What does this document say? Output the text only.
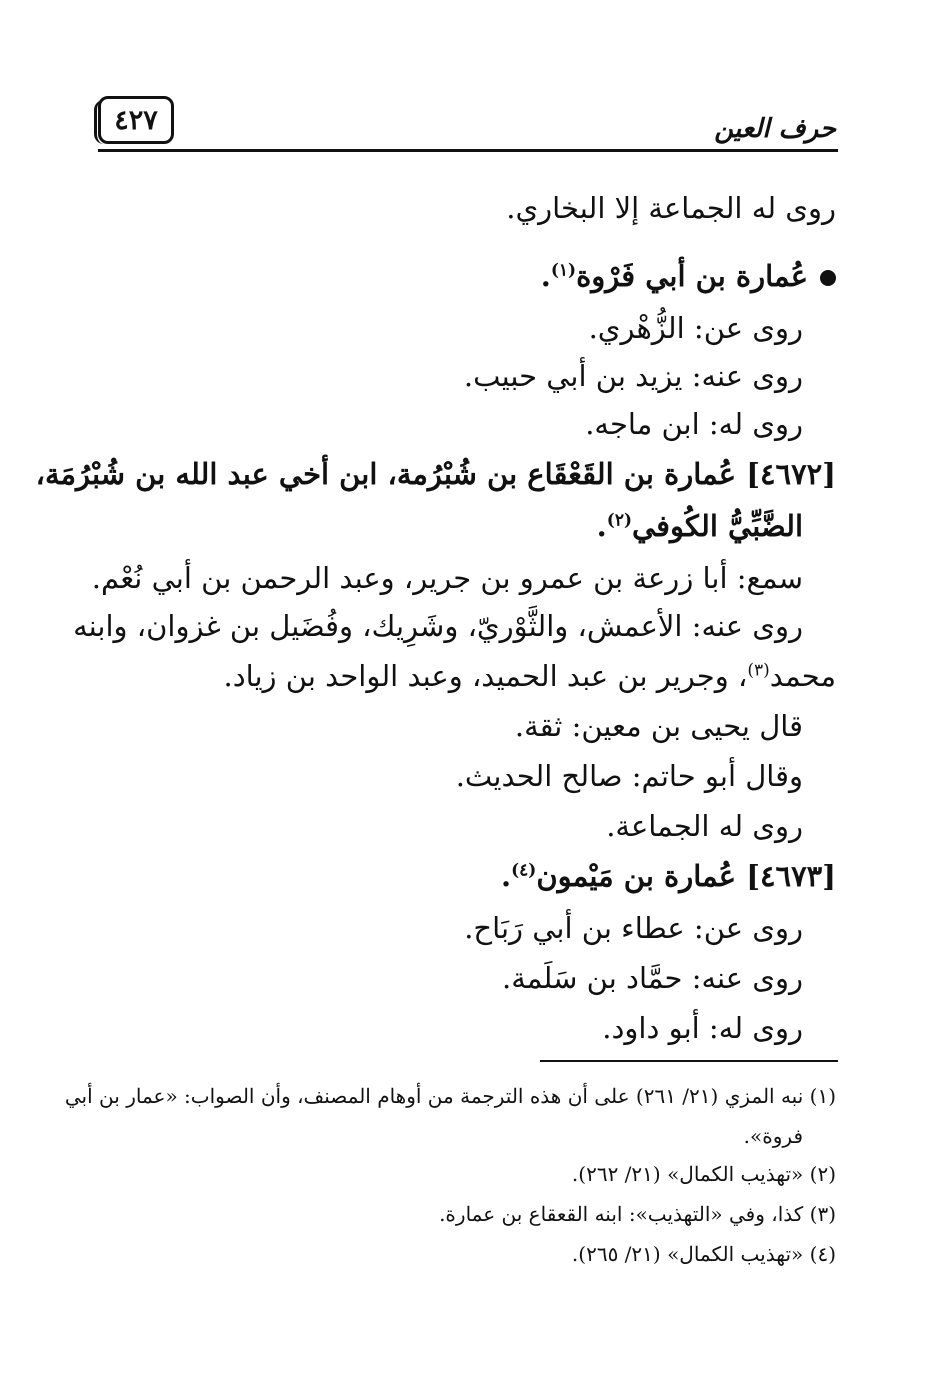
٤٢٧	حرف العين
روى له الجماعة إلا البخاري.
عُمارة بن أبي فَرْوة$^{(١)}$.
روى عن: الزُّهْري.
روى عنه: يزيد بن أبي حبيب.
روى له: ابن ماجه.
[٤٦٧٢] عُمارة بن القَعْقَاع بن شُبْرُمة، ابن أخي عبد الله بن شُبْرُمَة،
الضَّبِّيُّ الكُوفي$^{(٢)}$.
سمع: أبا زرعة بن عمرو بن جرير، وعبد الرحمن بن أبي نُعْم.
روى عنه: الأعمش، والثَّوْريّ، وشَرِيك، وفُضَيل بن غزوان، وابنه
محمد$^{(٣)}$، وجرير بن عبد الحميد، وعبد الواحد بن زياد.
قال يحيى بن معين: ثقة.
وقال أبو حاتم: صالح الحديث.
روى له الجماعة.
[٤٦٧٣] عُمارة بن مَيْمون$^{(٤)}$.
روى عن: عطاء بن أبي رَبَاح.
روى عنه: حمَّاد بن سَلَمة.
روى له: أبو داود.
(١) نبه المزي (٢١/ ٢٦١) على أن هذه الترجمة من أوهام المصنف، وأن الصواب: «عمار بن أبي
فروة».
(٢) «تهذيب الكمال» (٢١/ ٢٦٢).
(٣) كذا، وفي «التهذيب»: ابنه القعقاع بن عمارة.
(٤) «تهذيب الكمال» (٢١/ ٢٦٥).
